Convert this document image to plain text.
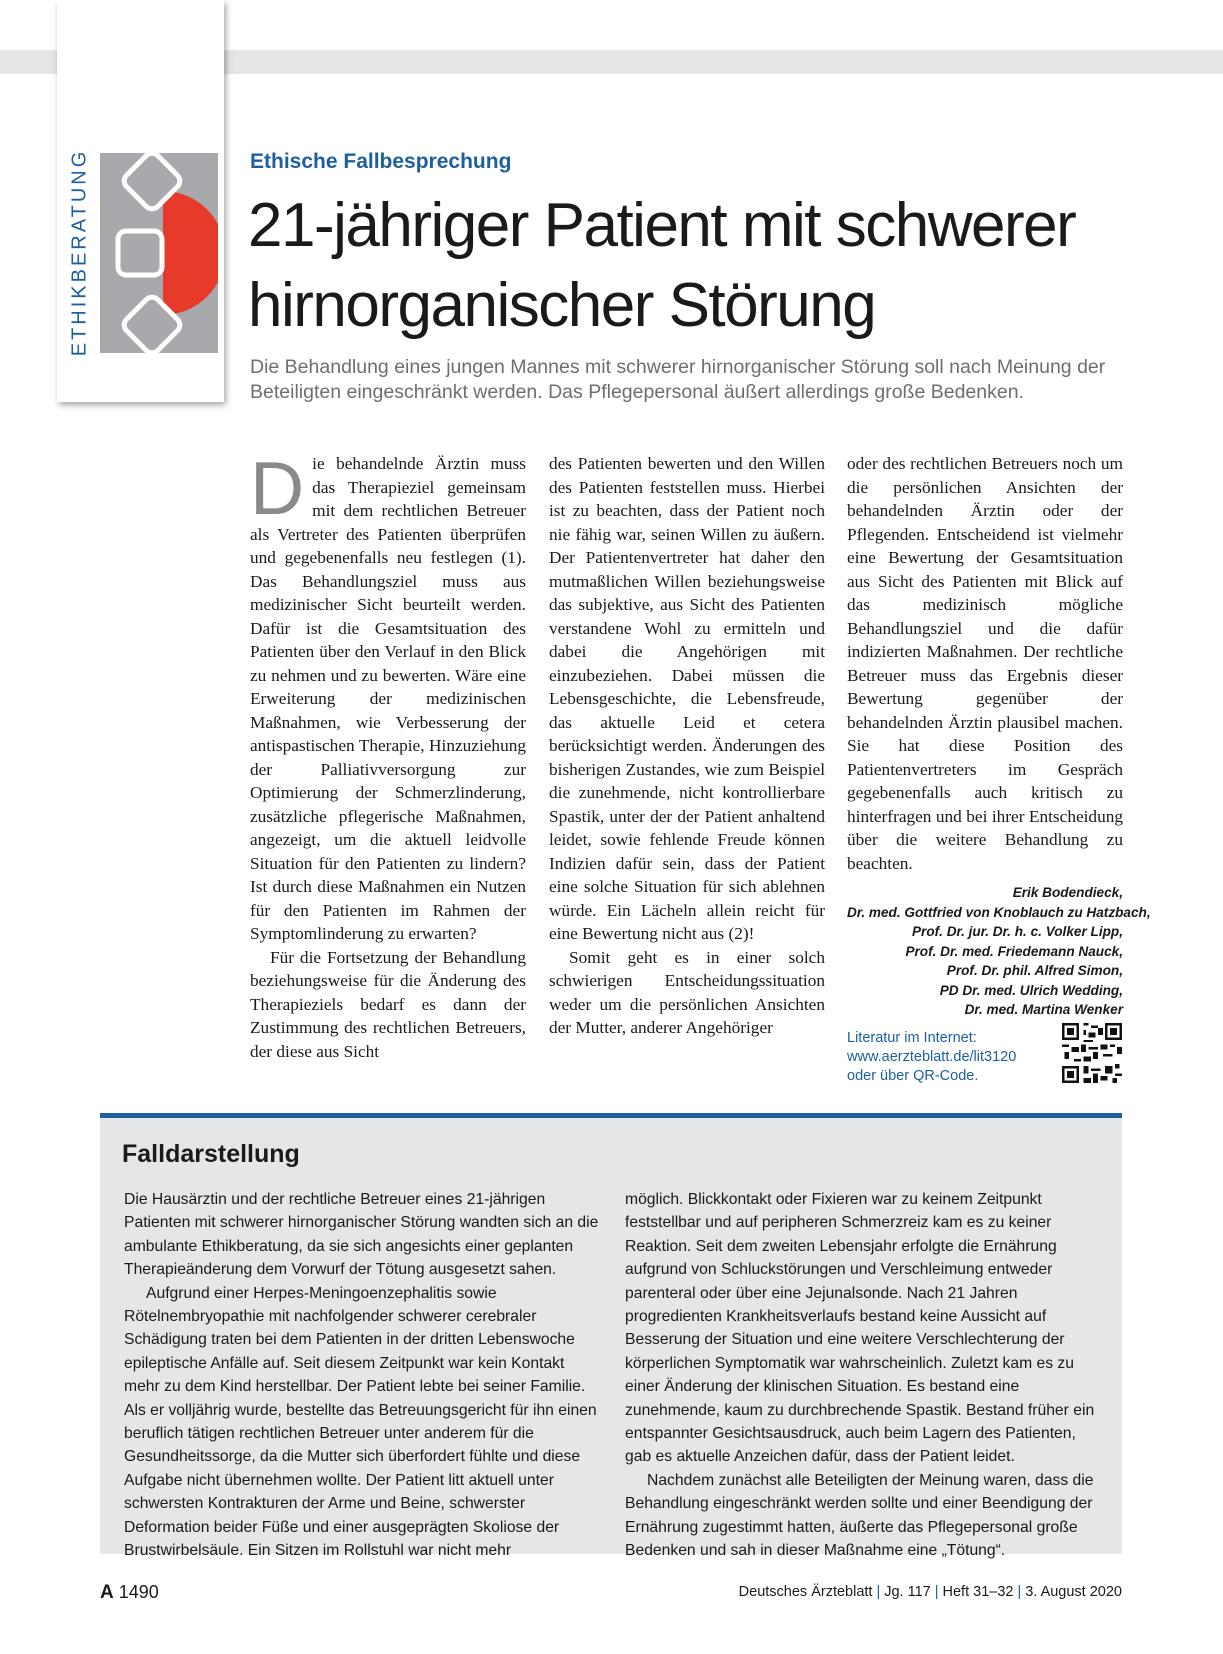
ETHIKBERATUNG	Ethische Fallbesprechung
21-jähriger Patient mit schwerer hirnorganischer Störung
Die Behandlung eines jungen Mannes mit schwerer hirnorganischer Störung soll nach Meinung der Beteiligten eingeschränkt werden. Das Pflegepersonal äußert allerdings große Bedenken.

Die behandelnde Ärztin muss das Therapieziel gemeinsam mit dem rechtlichen Betreuer als Vertreter des Patienten überprüfen und gegebenenfalls neu festlegen (1). Das Behandlungsziel muss aus medizinischer Sicht beurteilt werden. Dafür ist die Gesamtsituation des Patienten über den Verlauf in den Blick zu nehmen und zu bewerten. Wäre eine Erweiterung der medizinischen Maßnahmen, wie Verbesserung der antispastischen Therapie, Hinzuziehung der Palliativversorgung zur Optimierung der Schmerzlinderung, zusätzliche pflegerische Maßnahmen, angezeigt, um die aktuell leidvolle Situation für den Patienten zu lindern? Ist durch diese Maßnahmen ein Nutzen für den Patienten im Rahmen der Symptomlinderung zu erwarten?

Für die Fortsetzung der Behandlung beziehungsweise für die Änderung des Therapieziels bedarf es dann der Zustimmung des rechtlichen Betreuers, der diese aus Sicht

des Patienten bewerten und den Willen des Patienten feststellen muss. Hierbei ist zu beachten, dass der Patient noch nie fähig war, seinen Willen zu äußern. Der Patientenvertreter hat daher den mutmaßlichen Willen beziehungsweise das subjektive, aus Sicht des Patienten verstandene Wohl zu ermitteln und dabei die Angehörigen mit einzubeziehen. Dabei müssen die Lebensgeschichte, die Lebensfreude, das aktuelle Leid et cetera berücksichtigt werden. Änderungen des bisherigen Zustandes, wie zum Beispiel die zunehmende, nicht kontrollierbare Spastik, unter der der Patient anhaltend leidet, sowie fehlende Freude können Indizien dafür sein, dass der Patient eine solche Situation für sich ablehnen würde. Ein Lächeln allein reicht für eine Bewertung nicht aus (2)!

Somit geht es in einer solch schwierigen Entscheidungssituation weder um die persönlichen Ansichten der Mutter, anderer Angehöriger

oder des rechtlichen Betreuers noch um die persönlichen Ansichten der behandelnden Ärztin oder der Pflegenden. Entscheidend ist vielmehr eine Bewertung der Gesamtsituation aus Sicht des Patienten mit Blick auf das medizinisch mögliche Behandlungsziel und die dafür indizierten Maßnahmen. Der rechtliche Betreuer muss das Ergebnis dieser Bewertung gegenüber der behandelnden Ärztin plausibel machen. Sie hat diese Position des Patientenvertreters im Gespräch gegebenenfalls auch kritisch zu hinterfragen und bei ihrer Entscheidung über die weitere Behandlung zu beachten.

Erik Bodendieck,
Dr. med. Gottfried von Knoblauch zu Hatzbach,
Prof. Dr. jur. Dr. h. c. Volker Lipp,
Prof. Dr. med. Friedemann Nauck,
Prof. Dr. phil. Alfred Simon,
PD Dr. med. Ulrich Wedding,
Dr. med. Martina Wenker
Literatur im Internet:
www.aerzteblatt.de/lit3120
oder über QR-Code.
Falldarstellung

Die Hausärztin und der rechtliche Betreuer eines 21-jährigen Patienten mit schwerer hirnorganischer Störung wandten sich an die ambulante Ethikberatung, da sie sich angesichts einer geplanten Therapieänderung dem Vorwurf der Tötung ausgesetzt sahen.

Aufgrund einer Herpes-Meningoenzephalitis sowie Rötelnembryopathie mit nachfolgender schwerer cerebraler Schädigung traten bei dem Patienten in der dritten Lebenswoche epileptische Anfälle auf. Seit diesem Zeitpunkt war kein Kontakt mehr zu dem Kind herstellbar. Der Patient lebte bei seiner Familie. Als er volljährig wurde, bestellte das Betreuungsgericht für ihn einen beruflich tätigen rechtlichen Betreuer unter anderem für die Gesundheitssorge, da die Mutter sich überfordert fühlte und diese Aufgabe nicht übernehmen wollte. Der Patient litt aktuell unter schwersten Kontrakturen der Arme und Beine, schwerster Deformation beider Füße und einer ausgeprägten Skoliose der Brustwirbelsäule. Ein Sitzen im Rollstuhl war nicht mehr

möglich. Blickkontakt oder Fixieren war zu keinem Zeitpunkt feststellbar und auf peripheren Schmerzreiz kam es zu keiner Reaktion. Seit dem zweiten Lebensjahr erfolgte die Ernährung aufgrund von Schluckstörungen und Verschleimung entweder parenteral oder über eine Jejunalsonde. Nach 21 Jahren progredienten Krankheitsverlaufs bestand keine Aussicht auf Besserung der Situation und eine weitere Verschlechterung der körperlichen Symptomatik war wahrscheinlich. Zuletzt kam es zu einer Änderung der klinischen Situation. Es bestand eine zunehmende, kaum zu durchbrechende Spastik. Bestand früher ein entspannter Gesichtsausdruck, auch beim Lagern des Patienten, gab es aktuelle Anzeichen dafür, dass der Patient leidet.

Nachdem zunächst alle Beteiligten der Meinung waren, dass die Behandlung eingeschränkt werden sollte und einer Beendigung der Ernährung zugestimmt hatten, äußerte das Pflegepersonal große Bedenken und sah in dieser Maßnahme eine „Tötung“.

A 1490	Deutsches Ärzteblatt | Jg. 117 | Heft 31–32 | 3. August 2020
